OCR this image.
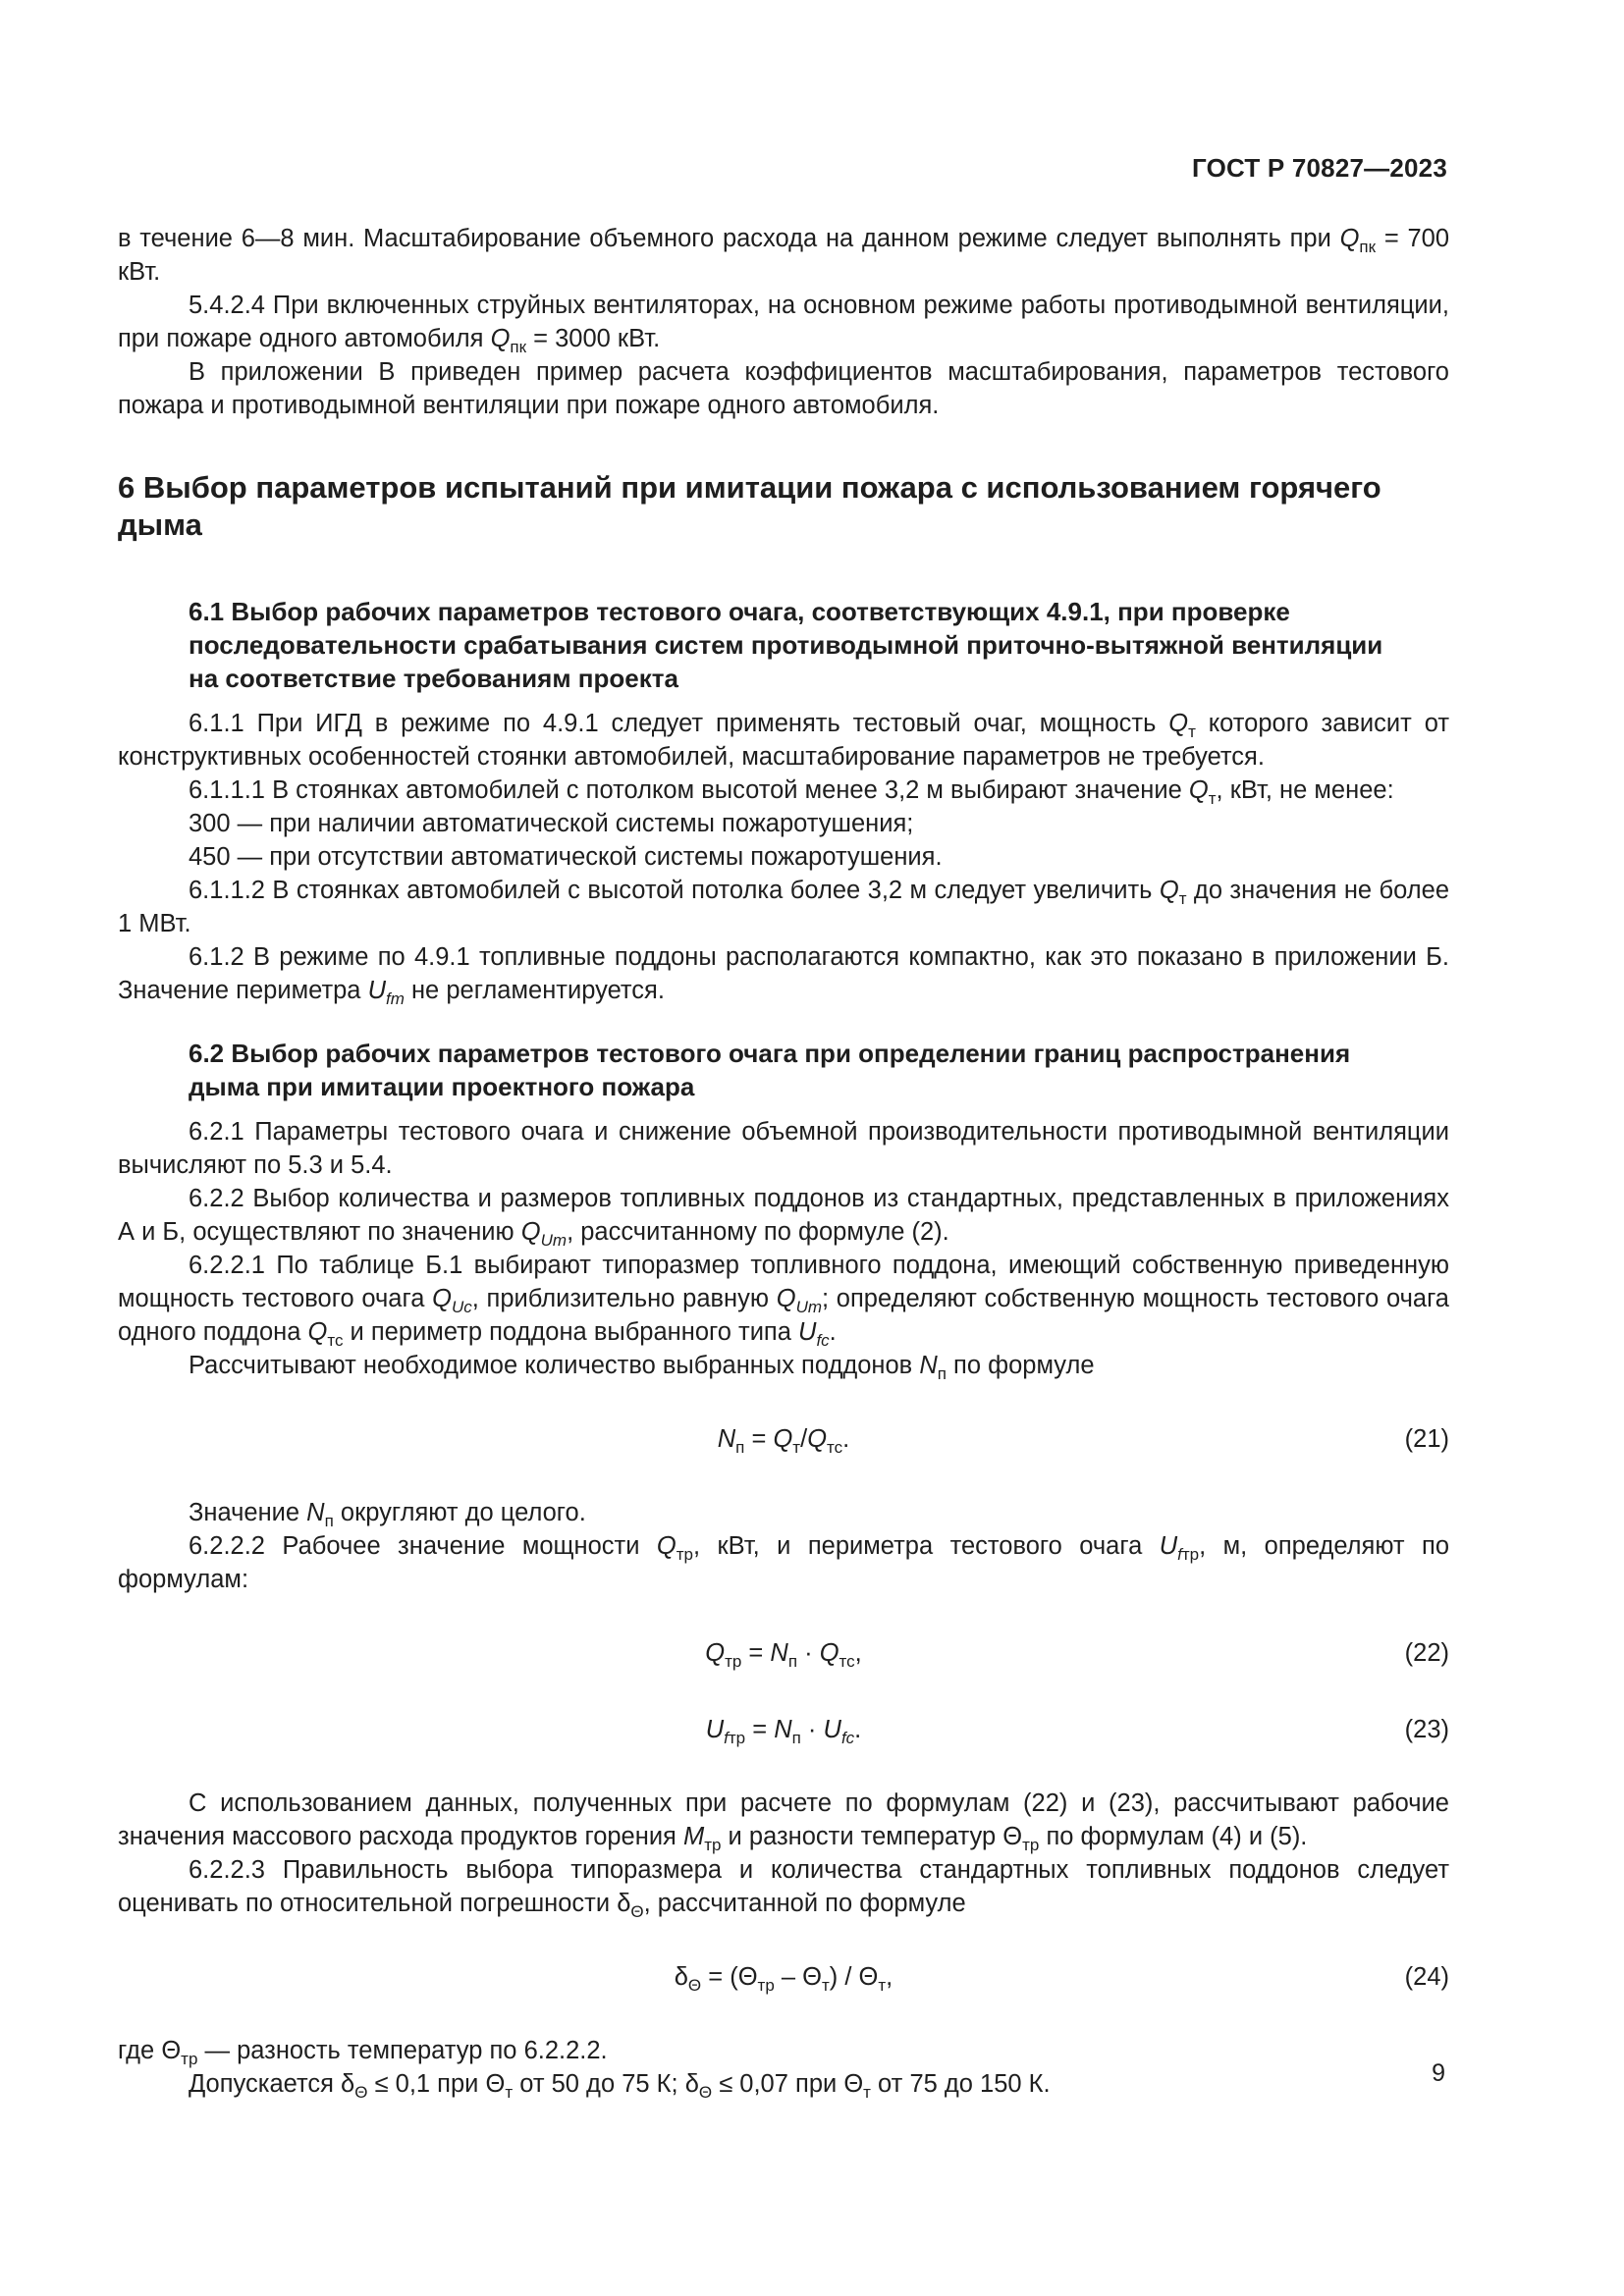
ГОСТ Р 70827—2023

в течение 6—8 мин. Масштабирование объемного расхода на данном режиме следует выполнять при $Q_{пк} = 700$ кВт.

5.4.2.4 При включенных струйных вентиляторах, на основном режиме работы противодымной вентиляции, при пожаре одного автомобиля $Q_{пк} = 3000$ кВт.

В приложении В приведен пример расчета коэффициентов масштабирования, параметров тестового пожара и противодымной вентиляции при пожаре одного автомобиля.

6 Выбор параметров испытаний при имитации пожара с использованием горячего дыма
6.1 Выбор рабочих параметров тестового очага, соответствующих 4.9.1, при проверке последовательности срабатывания систем противодымной приточно-вытяжной вентиляции на соответствие требованиям проекта

6.1.1 При ИГД в режиме по 4.9.1 следует применять тестовый очаг, мощность $Q_т$ которого зависит от конструктивных особенностей стоянки автомобилей, масштабирование параметров не требуется.

6.1.1.1 В стоянках автомобилей с потолком высотой менее 3,2 м выбирают значение $Q_т$, кВт, не менее:

300 — при наличии автоматической системы пожаротушения;

450 — при отсутствии автоматической системы пожаротушения.

6.1.1.2 В стоянках автомобилей с высотой потолка более 3,2 м следует увеличить $Q_т$ до значения не более 1 МВт.

6.1.2 В режиме по 4.9.1 топливные поддоны располагаются компактно, как это показано в приложении Б. Значение периметра $U_{fт}$ не регламентируется.

6.2 Выбор рабочих параметров тестового очага при определении границ распространения дыма при имитации проектного пожара

6.2.1 Параметры тестового очага и снижение объемной производительности противодымной вентиляции вычисляют по 5.3 и 5.4.

6.2.2 Выбор количества и размеров топливных поддонов из стандартных, представленных в приложениях А и Б, осуществляют по значению $Q_{Uт}$, рассчитанному по формуле (2).

6.2.2.1 По таблице Б.1 выбирают типоразмер топливного поддона, имеющий собственную приведенную мощность тестового очага $Q_{Uc}$, приблизительно равную $Q_{Uт}$; определяют собственную мощность тестового очага одного поддона $Q_{тс}$ и периметр поддона выбранного типа $U_{fc}$.

Рассчитывают необходимое количество выбранных поддонов $N_п$ по формуле

$N_п = Q_т/Q_{тс}$.	(21)

Значение $N_п$ округляют до целого.

6.2.2.2 Рабочее значение мощности $Q_{тр}$, кВт, и периметра тестового очага $U_{fтр}$, м, определяют по формулам:

$Q_{тр} = N_п \cdot Q_{тс}$,	(22)
$U_{fтр} = N_п \cdot U_{fc}$.	(23)

С использованием данных, полученных при расчете по формулам (22) и (23), рассчитывают рабочие значения массового расхода продуктов горения $M_{тр}$ и разности температур $\Theta_{тр}$ по формулам (4) и (5).

6.2.2.3 Правильность выбора типоразмера и количества стандартных топливных поддонов следует оценивать по относительной погрешности $\delta_\Theta$, рассчитанной по формуле

$\delta_\Theta = (\Theta_{тр} - \Theta_т) / \Theta_т$,	(24)

где $\Theta_{тр}$ — разность температур по 6.2.2.2.

Допускается $\delta_\Theta \le 0,1$ при $\Theta_т$ от 50 до 75 К; $\delta_\Theta \le 0,07$ при $\Theta_т$ от 75 до 150 К.	9
